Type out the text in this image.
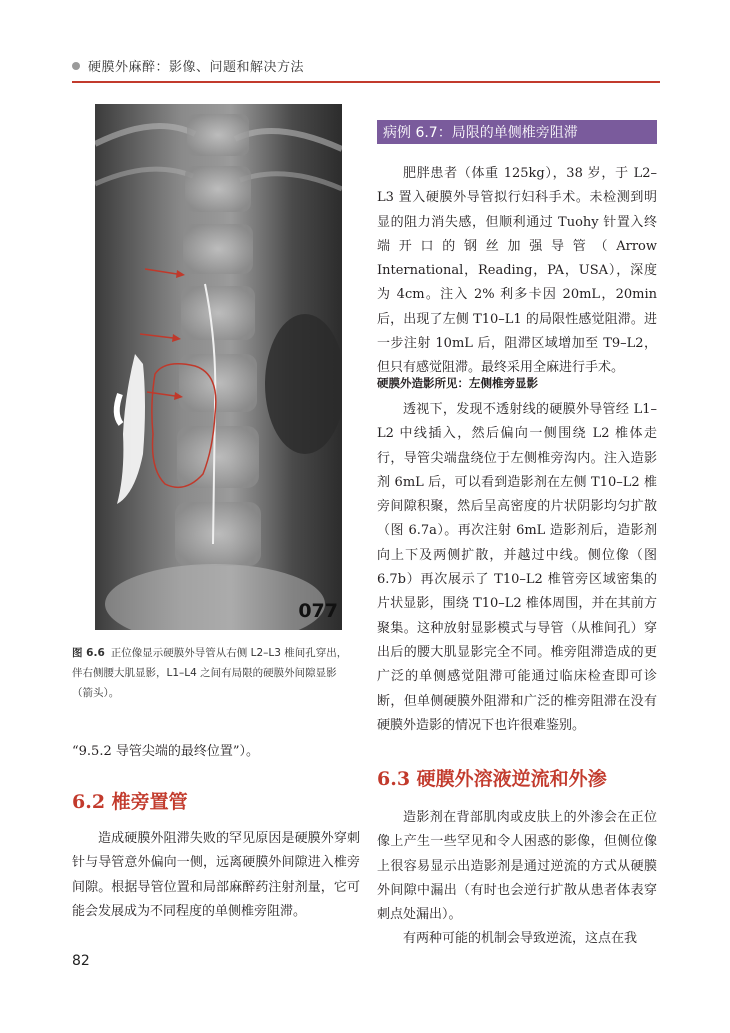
硬膜外麻醉：影像、问题和解决方法
077

图 6.6 正位像显示硬膜外导管从右侧 L2–L3 椎间孔穿出，伴右侧腰大肌显影，L1–L4 之间有局限的硬膜外间隙显影（箭头）。

“9.5.2 导管尖端的最终位置”）。

6.2 椎旁置管

造成硬膜外阻滞失败的罕见原因是硬膜外穿刺针与导管意外偏向一侧，远离硬膜外间隙进入椎旁间隙。根据导管位置和局部麻醉药注射剂量，它可能会发展成为不同程度的单侧椎旁阻滞。

病例 6.7：局限的单侧椎旁阻滞

肥胖患者（体重 125kg），38 岁，于 L2–L3 置入硬膜外导管拟行妇科手术。未检测到明显的阻力消失感，但顺利通过 Tuohy 针置入终端开口的钢丝加强导管（Arrow International，Reading，PA，USA），深度为 4cm。注入 2% 利多卡因 20mL，20min 后，出现了左侧 T10–L1 的局限性感觉阻滞。进一步注射 10mL 后，阻滞区域增加至 T9–L2，但只有感觉阻滞。最终采用全麻进行手术。

硬膜外造影所见：左侧椎旁显影

透视下，发现不透射线的硬膜外导管经 L1–L2 中线插入，然后偏向一侧围绕 L2 椎体走行，导管尖端盘绕位于左侧椎旁沟内。注入造影剂 6mL 后，可以看到造影剂在左侧 T10–L2 椎旁间隙积聚，然后呈高密度的片状阴影均匀扩散（图 6.7a）。再次注射 6mL 造影剂后，造影剂向上下及两侧扩散，并越过中线。侧位像（图 6.7b）再次展示了 T10–L2 椎管旁区域密集的片状显影，围绕 T10–L2 椎体周围，并在其前方聚集。这种放射显影模式与导管（从椎间孔）穿出后的腰大肌显影完全不同。椎旁阻滞造成的更广泛的单侧感觉阻滞可能通过临床检查即可诊断，但单侧硬膜外阻滞和广泛的椎旁阻滞在没有硬膜外造影的情况下也许很难鉴别。

6.3 硬膜外溶液逆流和外渗

造影剂在背部肌肉或皮肤上的外渗会在正位像上产生一些罕见和令人困惑的影像，但侧位像上很容易显示出造影剂是通过逆流的方式从硬膜外间隙中漏出（有时也会逆行扩散从患者体表穿刺点处漏出）。

有两种可能的机制会导致逆流，这点在我

82
